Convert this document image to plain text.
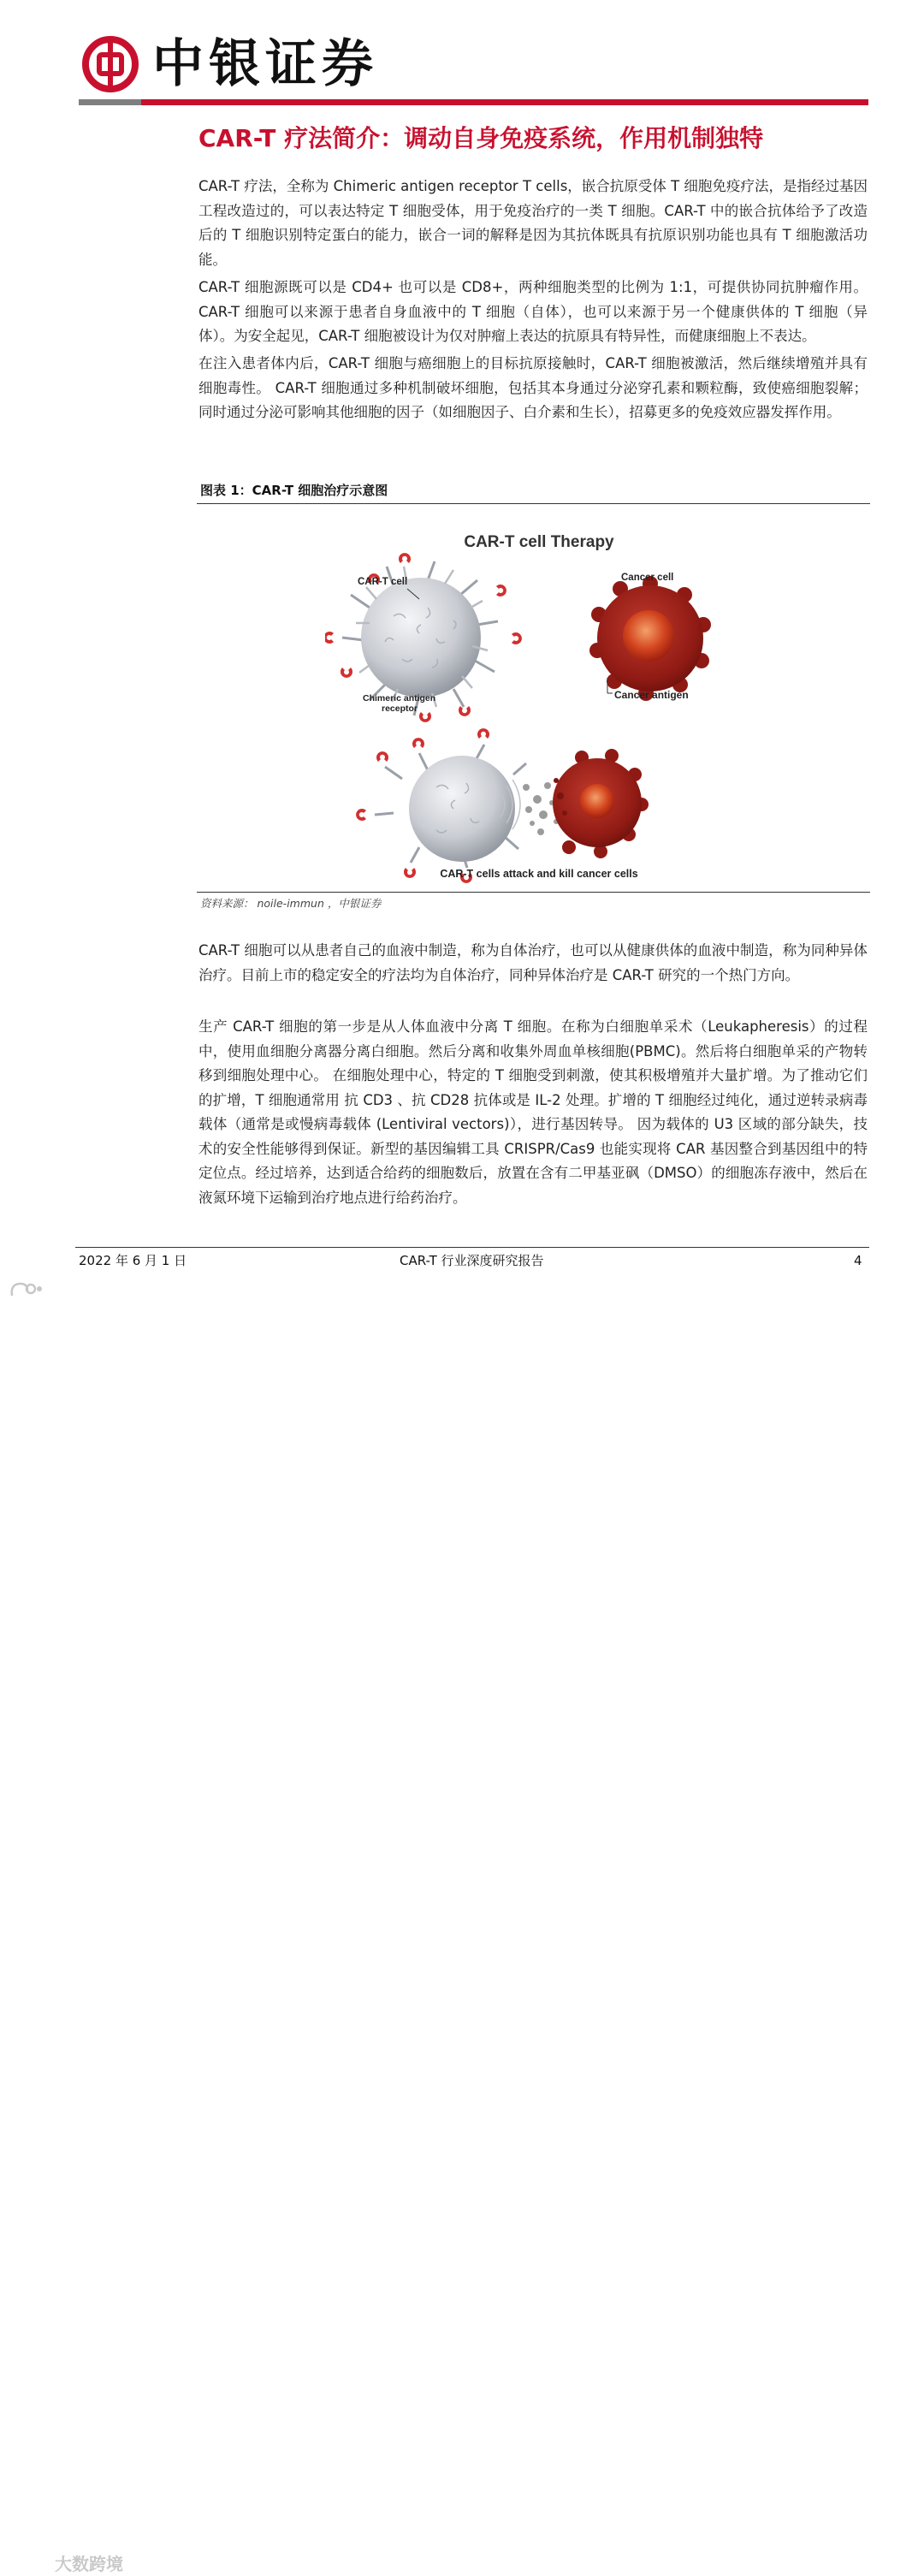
中银证券
CAR-T 疗法简介：调动自身免疫系统，作用机制独特
CAR-T 疗法，全称为 Chimeric antigen receptor T cells，嵌合抗原受体 T 细胞免疫疗法，是指经过基因工程改造过的，可以表达特定 T 细胞受体，用于免疫治疗的一类 T 细胞。CAR-T 中的嵌合抗体给予了改造后的 T 细胞识别特定蛋白的能力，嵌合一词的解释是因为其抗体既具有抗原识别功能也具有 T 细胞激活功能。
CAR-T 细胞源既可以是 CD4+ 也可以是 CD8+，两种细胞类型的比例为 1:1，可提供协同抗肿瘤作用。CAR-T 细胞可以来源于患者自身血液中的 T 细胞（自体），也可以来源于另一个健康供体的 T 细胞（异体）。为安全起见，CAR-T 细胞被设计为仅对肿瘤上表达的抗原具有特异性，而健康细胞上不表达。
在注入患者体内后，CAR-T 细胞与癌细胞上的目标抗原接触时，CAR-T 细胞被激活，然后继续增殖并具有细胞毒性。 CAR-T 细胞通过多种机制破坏细胞，包括其本身通过分泌穿孔素和颗粒酶，致使癌细胞裂解；同时通过分泌可影响其他细胞的因子（如细胞因子、白介素和生长），招募更多的免疫效应器发挥作用。
图表 1：CAR-T 细胞治疗示意图
CAR-T cell Therapy
CAR-T cell
Chimeric antigen
receptor
Cancer cell
Cancer antigen
CAR-T cells attack and kill cancer cells
资料来源： noile-immun ，中银证券
CAR-T 细胞可以从患者自己的血液中制造，称为自体治疗，也可以从健康供体的血液中制造，称为同种异体治疗。目前上市的稳定安全的疗法均为自体治疗，同种异体治疗是 CAR-T 研究的一个热门方向。
生产 CAR-T 细胞的第一步是从人体血液中分离 T 细胞。在称为白细胞单采术（Leukapheresis）的过程中，使用血细胞分离器分离白细胞。然后分离和收集外周血单核细胞(PBMC)。然后将白细胞单采的产物转移到细胞处理中心。 在细胞处理中心，特定的 T 细胞受到刺激，使其积极增殖并大量扩增。为了推动它们的扩增，T 细胞通常用 抗 CD3 、抗 CD28 抗体或是 IL-2 处理。扩增的 T 细胞经过纯化，通过逆转录病毒载体（通常是或慢病毒载体 (Lentiviral vectors)），进行基因转导。 因为载体的 U3 区域的部分缺失，技术的安全性能够得到保证。新型的基因编辑工具 CRISPR/Cas9 也能实现将 CAR 基因整合到基因组中的特定位点。经过培养，达到适合给药的细胞数后，放置在含有二甲基亚砜（DMSO）的细胞冻存液中，然后在液氮环境下运输到治疗地点进行给药治疗。
2022 年 6 月 1 日	CAR-T 行业深度研究报告	4
大数跨境
